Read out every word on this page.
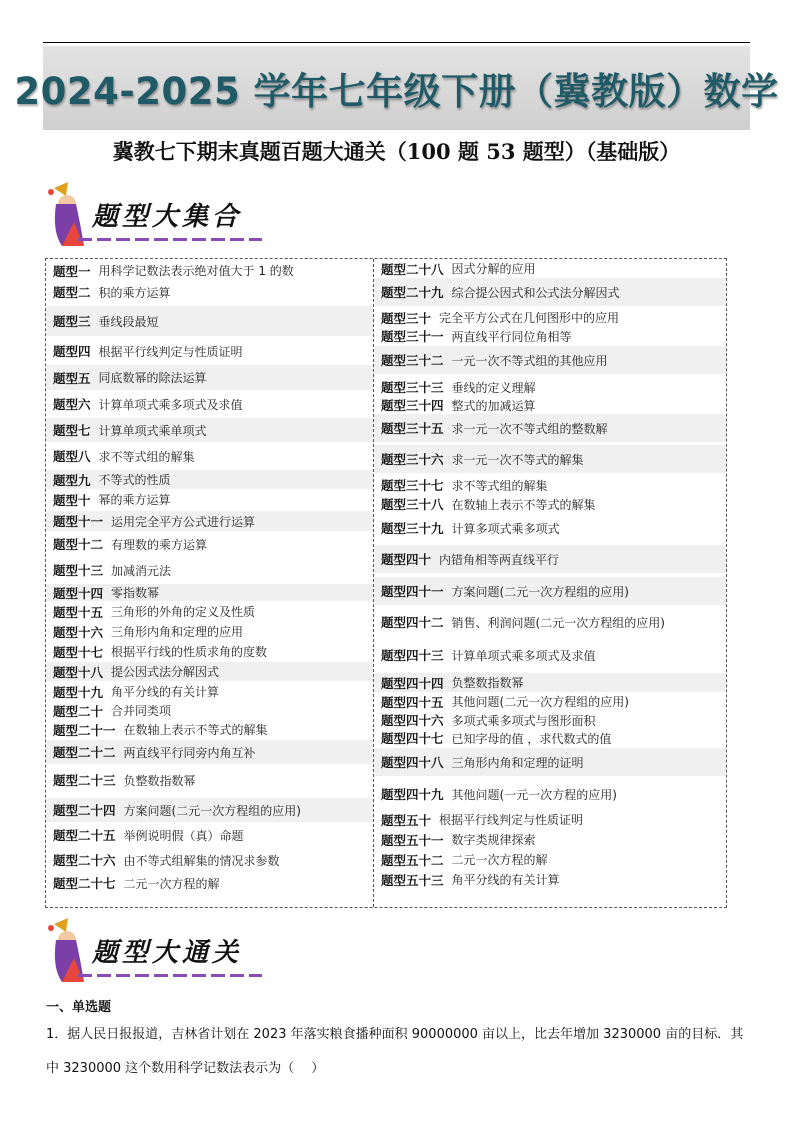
2024-2025 学年七年级下册（冀教版）数学
冀教七下期末真题百题大通关（100 题 53 题型）（基础版）
题型大集合
题型一 用科学记数法表示绝对值大于 1 的数
题型二 积的乘方运算
题型三 垂线段最短
题型四 根据平行线判定与性质证明
题型五 同底数幂的除法运算
题型六 计算单项式乘多项式及求值
题型七 计算单项式乘单项式
题型八 求不等式组的解集
题型九 不等式的性质
题型十 幂的乘方运算
题型十一 运用完全平方公式进行运算
题型十二 有理数的乘方运算
题型十三 加减消元法
题型十四 零指数幂
题型十五 三角形的外角的定义及性质
题型十六 三角形内角和定理的应用
题型十七 根据平行线的性质求角的度数
题型十八 提公因式法分解因式
题型十九 角平分线的有关计算
题型二十 合并同类项
题型二十一 在数轴上表示不等式的解集
题型二十二 两直线平行同旁内角互补
题型二十三 负整数指数幂
题型二十四 方案问题(二元一次方程组的应用)
题型二十五 举例说明假（真）命题
题型二十六 由不等式组解集的情况求参数
题型二十七 二元一次方程的解
题型二十八 因式分解的应用
题型二十九 综合提公因式和公式法分解因式
题型三十 完全平方公式在几何图形中的应用
题型三十一 两直线平行同位角相等
题型三十二 一元一次不等式组的其他应用
题型三十三 垂线的定义理解
题型三十四 整式的加减运算
题型三十五 求一元一次不等式组的整数解
题型三十六 求一元一次不等式的解集
题型三十七 求不等式组的解集
题型三十八 在数轴上表示不等式的解集
题型三十九 计算多项式乘多项式
题型四十 内错角相等两直线平行
题型四十一 方案问题(二元一次方程组的应用)
题型四十二 销售、利润问题(二元一次方程组的应用)
题型四十三 计算单项式乘多项式及求值
题型四十四 负整数指数幂
题型四十五 其他问题(二元一次方程组的应用)
题型四十六 多项式乘多项式与图形面积
题型四十七 已知字母的值 ，求代数式的值
题型四十八 三角形内角和定理的证明
题型四十九 其他问题(一元一次方程的应用)
题型五十 根据平行线判定与性质证明
题型五十一 数字类规律探索
题型五十二 二元一次方程的解
题型五十三 角平分线的有关计算
题型大通关
一、单选题
1．据人民日报报道，吉林省计划在 2023 年落实粮食播种面积 90000000 亩以上，比去年增加 3230000 亩的目标．其中 3230000 这个数用科学记数法表示为（　 ）
